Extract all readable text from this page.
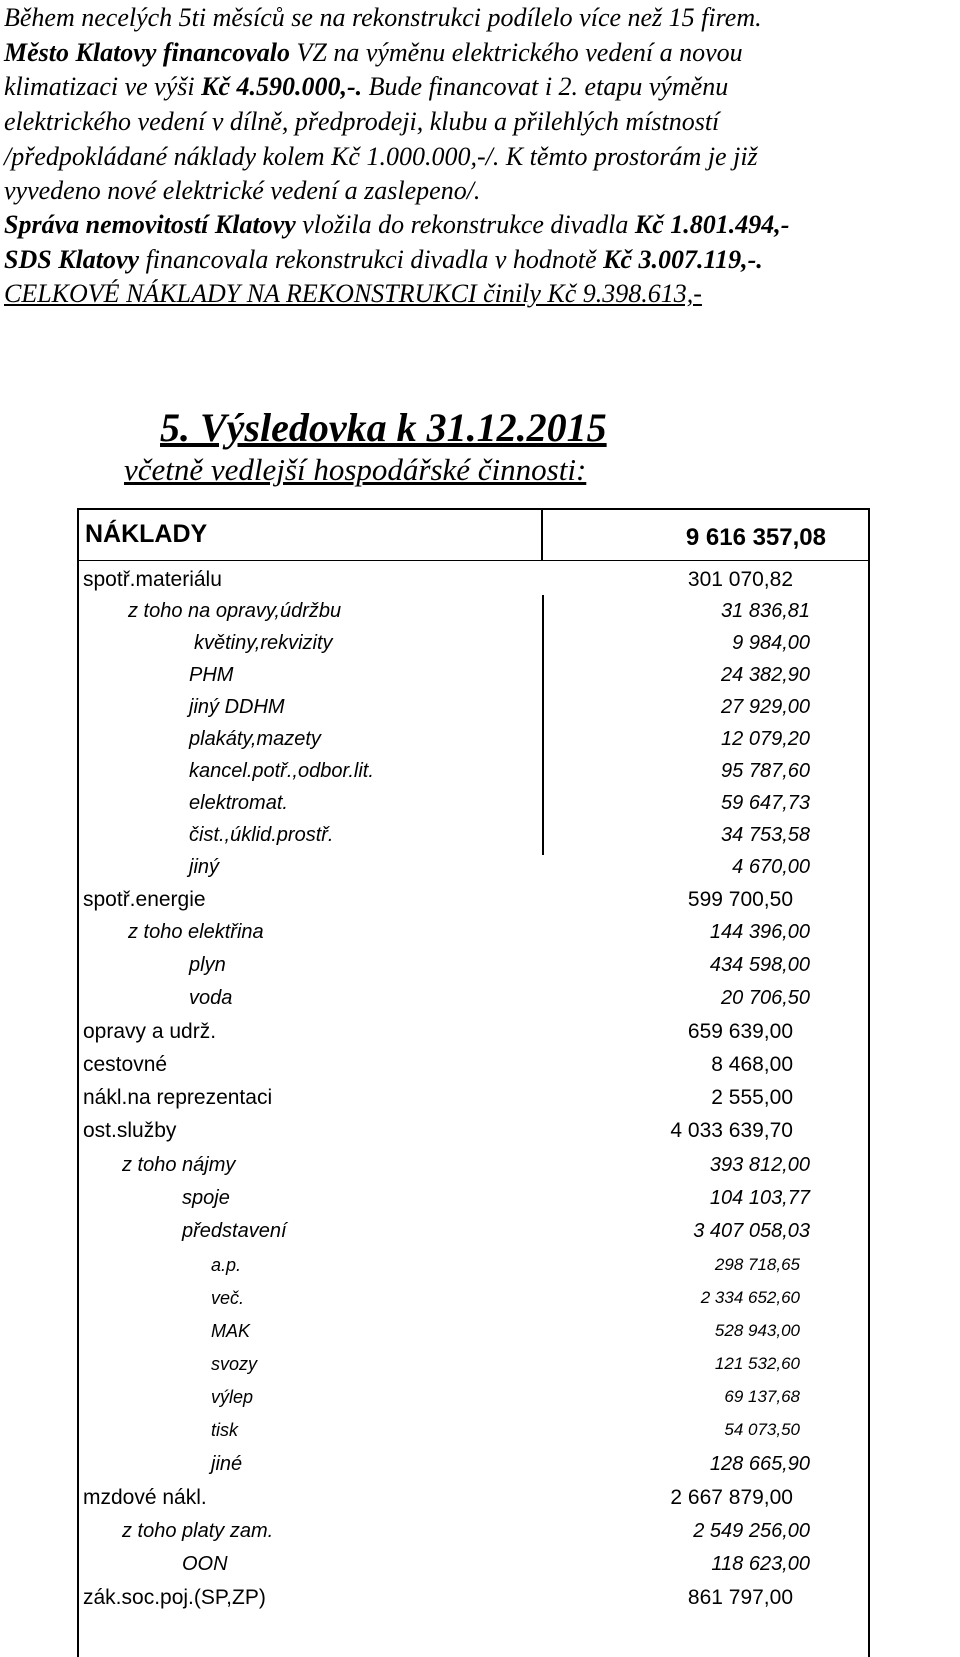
Během necelých 5ti měsíců se na rekonstrukci podílelo více než 15 firem.
Město Klatovy financovalo VZ na výměnu elektrického vedení a novou
klimatizaci ve výši Kč 4.590.000,-. Bude financovat i 2. etapu výměnu
elektrického vedení v dílně, předprodeji, klubu a přilehlých místností
/předpokládané náklady kolem Kč 1.000.000,-/. K těmto prostorám je již
vyvedeno nové elektrické vedení a zaslepeno/.
Správa nemovitostí Klatovy vložila do rekonstrukce divadla Kč 1.801.494,-
SDS Klatovy financovala rekonstrukci divadla v hodnotě Kč 3.007.119,-.
CELKOVÉ NÁKLADY NA REKONSTRUKCI činily Kč 9.398.613,-
5. Výsledovka k 31.12.2015
včetně vedlejší hospodářské činnosti:
NÁKLADY	9 616 357,08
spotř.materiálu	301 070,82
z toho na opravy,údržbu	31 836,81
květiny,rekvizity	9 984,00
PHM	24 382,90
jiný DDHM	27 929,00
plakáty,mazety	12 079,20
kancel.potř.,odbor.lit.	95 787,60
elektromat.	59 647,73
čist.,úklid.prostř.	34 753,58
jiný	4 670,00
spotř.energie	599 700,50
z toho elektřina	144 396,00
plyn	434 598,00
voda	20 706,50
opravy a udrž.	659 639,00
cestovné	8 468,00
nákl.na reprezentaci	2 555,00
ost.služby	4 033 639,70
z toho nájmy	393 812,00
spoje	104 103,77
představení	3 407 058,03
a.p.	298 718,65
več.	2 334 652,60
MAK	528 943,00
svozy	121 532,60
výlep	69 137,68
tisk	54 073,50
jiné	128 665,90
mzdové nákl.	2 667 879,00
z toho platy zam.	2 549 256,00
OON	118 623,00
zák.soc.poj.(SP,ZP)	861 797,00
